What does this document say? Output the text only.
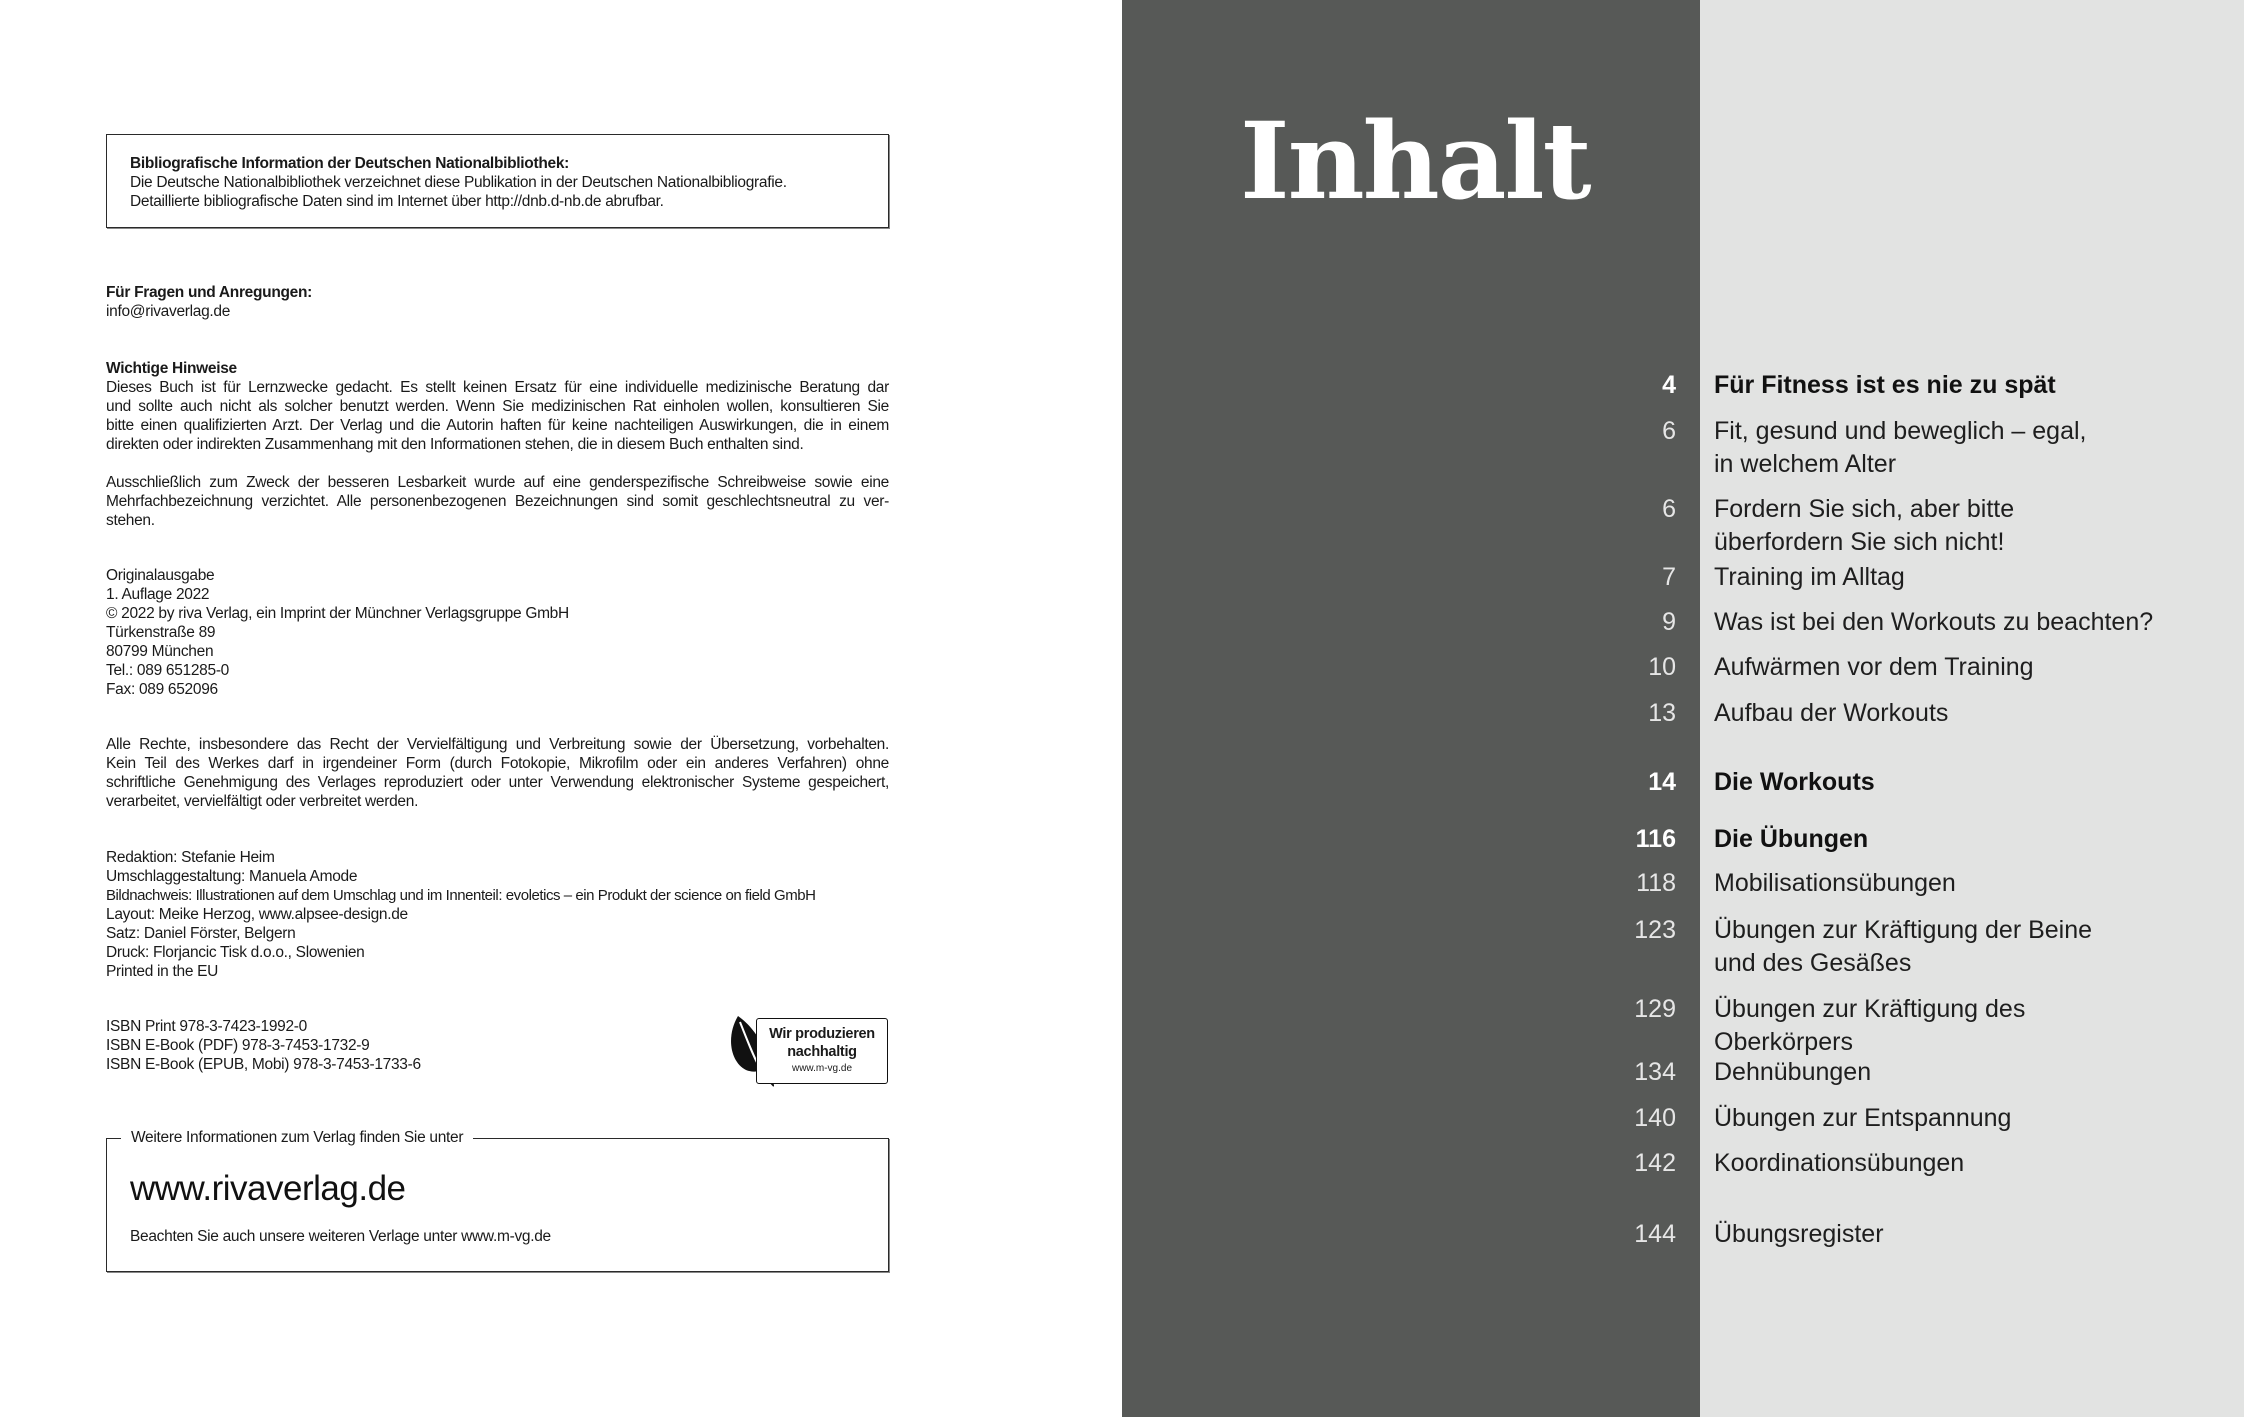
Bibliografische Information der Deutschen Nationalbibliothek:
Die Deutsche Nationalbibliothek verzeichnet diese Publikation in der Deutschen Nationalbibliografie.
Detaillierte bibliografische Daten sind im Internet über http://dnb.d-nb.de abrufbar.
Für Fragen und Anregungen:
info@rivaverlag.de
Wichtige Hinweise
Dieses Buch ist für Lernzwecke gedacht. Es stellt keinen Ersatz für eine individuelle medizinische Beratung dar
und sollte auch nicht als solcher benutzt werden. Wenn Sie medizinischen Rat einholen wollen, konsultieren Sie
bitte einen qualifizierten Arzt. Der Verlag und die Autorin haften für keine nachteiligen Auswirkungen, die in einem
direkten oder indirekten Zusammenhang mit den Informationen stehen, die in diesem Buch enthalten sind.
Ausschließlich zum Zweck der besseren Lesbarkeit wurde auf eine genderspezifische Schreibweise sowie eine
Mehrfachbezeichnung verzichtet. Alle personenbezogenen Bezeichnungen sind somit geschlechtsneutral zu ver-
stehen.
Originalausgabe
1. Auflage 2022
© 2022 by riva Verlag, ein Imprint der Münchner Verlagsgruppe GmbH
Türkenstraße 89
80799 München
Tel.: 089 651285-0
Fax: 089 652096
Alle Rechte, insbesondere das Recht der Vervielfältigung und Verbreitung sowie der Übersetzung, vorbehalten.
Kein Teil des Werkes darf in irgendeiner Form (durch Fotokopie, Mikrofilm oder ein anderes Verfahren) ohne
schriftliche Genehmigung des Verlages reproduziert oder unter Verwendung elektronischer Systeme gespeichert,
verarbeitet, vervielfältigt oder verbreitet werden.
Redaktion: Stefanie Heim
Umschlaggestaltung: Manuela Amode
Bildnachweis: Illustrationen auf dem Umschlag und im Innenteil: evoletics – ein Produkt der science on field GmbH
Layout: Meike Herzog, www.alpsee-design.de
Satz: Daniel Förster, Belgern
Druck: Florjancic Tisk d.o.o., Slowenien
Printed in the EU
ISBN Print 978-3-7423-1992-0
ISBN E-Book (PDF) 978-3-7453-1732-9
ISBN E-Book (EPUB, Mobi) 978-3-7453-1733-6
Wir produzieren
nachhaltig
www.m-vg.de
Weitere Informationen zum Verlag finden Sie unter
www.rivaverlag.de
Beachten Sie auch unsere weiteren Verlage unter www.m-vg.de
Inhalt
4 Für Fitness ist es nie zu spät
6 Fit, gesund und beweglich – egal,
in welchem Alter
6 Fordern Sie sich, aber bitte
überfordern Sie sich nicht!
7 Training im Alltag
9 Was ist bei den Workouts zu beachten?
10 Aufwärmen vor dem Training
13 Aufbau der Workouts
14 Die Workouts
116 Die Übungen
118 Mobilisationsübungen
123 Übungen zur Kräftigung der Beine
und des Gesäßes
129 Übungen zur Kräftigung des
Oberkörpers
134 Dehnübungen
140 Übungen zur Entspannung
142 Koordinationsübungen
144 Übungsregister
